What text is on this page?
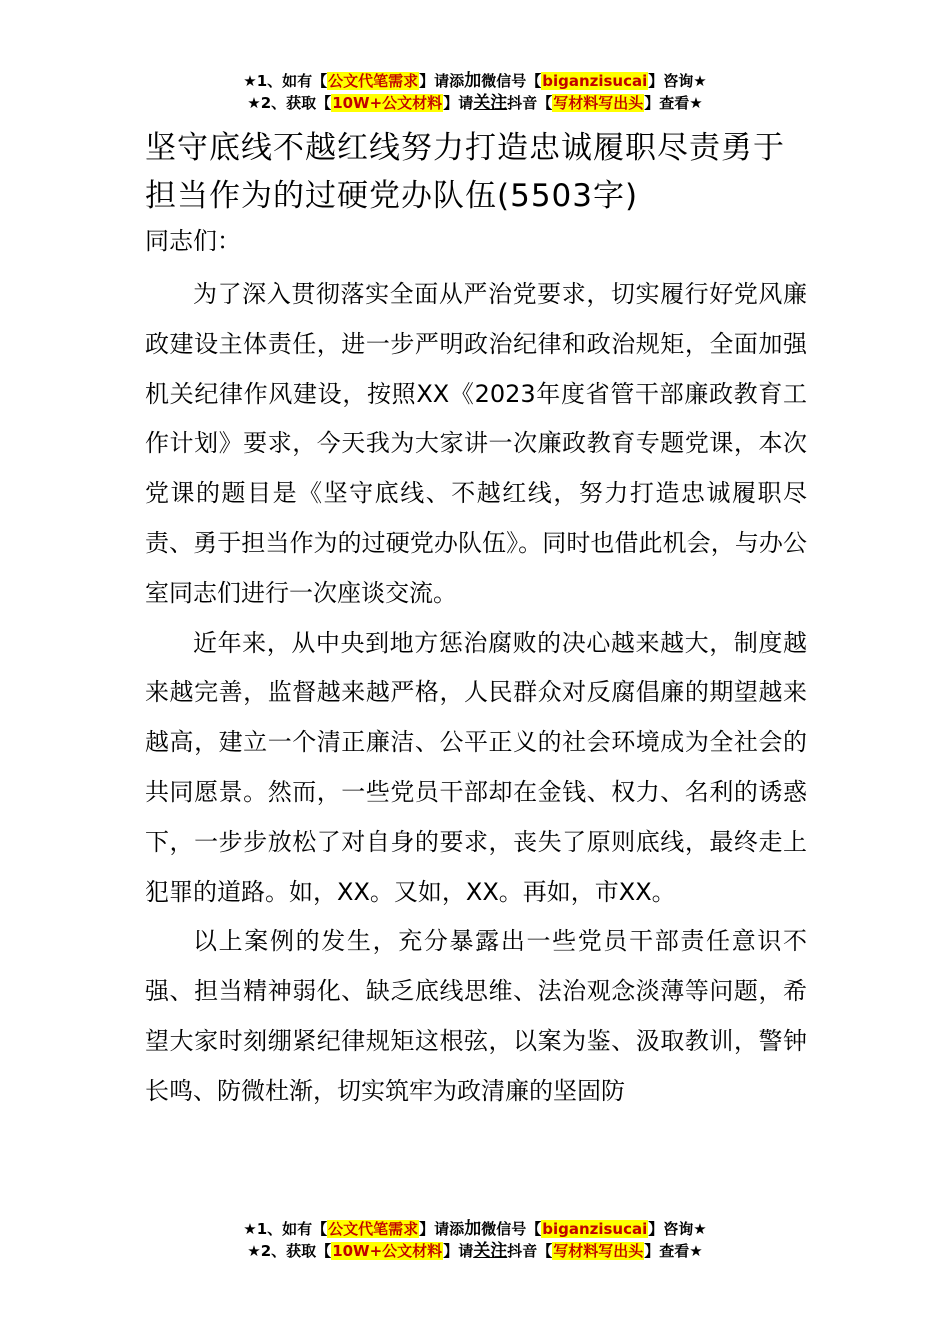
★1、如有【公文代笔需求】请添加微信号【biganzisucai】咨询★
★2、获取【10W+公文材料】请关注抖音【写材料写出头】查看★
坚守底线不越红线努力打造忠诚履职尽责勇于担当作为的过硬党办队伍(5503字)

同志们：

为了深入贯彻落实全面从严治党要求，切实履行好党风廉政建设主体责任，进一步严明政治纪律和政治规矩，全面加强机关纪律作风建设，按照XX《2023年度省管干部廉政教育工作计划》要求，今天我为大家讲一次廉政教育专题党课，本次党课的题目是《坚守底线、不越红线，努力打造忠诚履职尽责、勇于担当作为的过硬党办队伍》。同时也借此机会，与办公室同志们进行一次座谈交流。

近年来，从中央到地方惩治腐败的决心越来越大，制度越来越完善，监督越来越严格，人民群众对反腐倡廉的期望越来越高，建立一个清正廉洁、公平正义的社会环境成为全社会的共同愿景。然而，一些党员干部却在金钱、权力、名利的诱惑下，一步步放松了对自身的要求，丧失了原则底线，最终走上犯罪的道路。如，XX。又如，XX。再如，市XX。

以上案例的发生，充分暴露出一些党员干部责任意识不强、担当精神弱化、缺乏底线思维、法治观念淡薄等问题，希望大家时刻绷紧纪律规矩这根弦，以案为鉴、汲取教训，警钟长鸣、防微杜渐，切实筑牢为政清廉的坚固防

★1、如有【公文代笔需求】请添加微信号【biganzisucai】咨询★
★2、获取【10W+公文材料】请关注抖音【写材料写出头】查看★
